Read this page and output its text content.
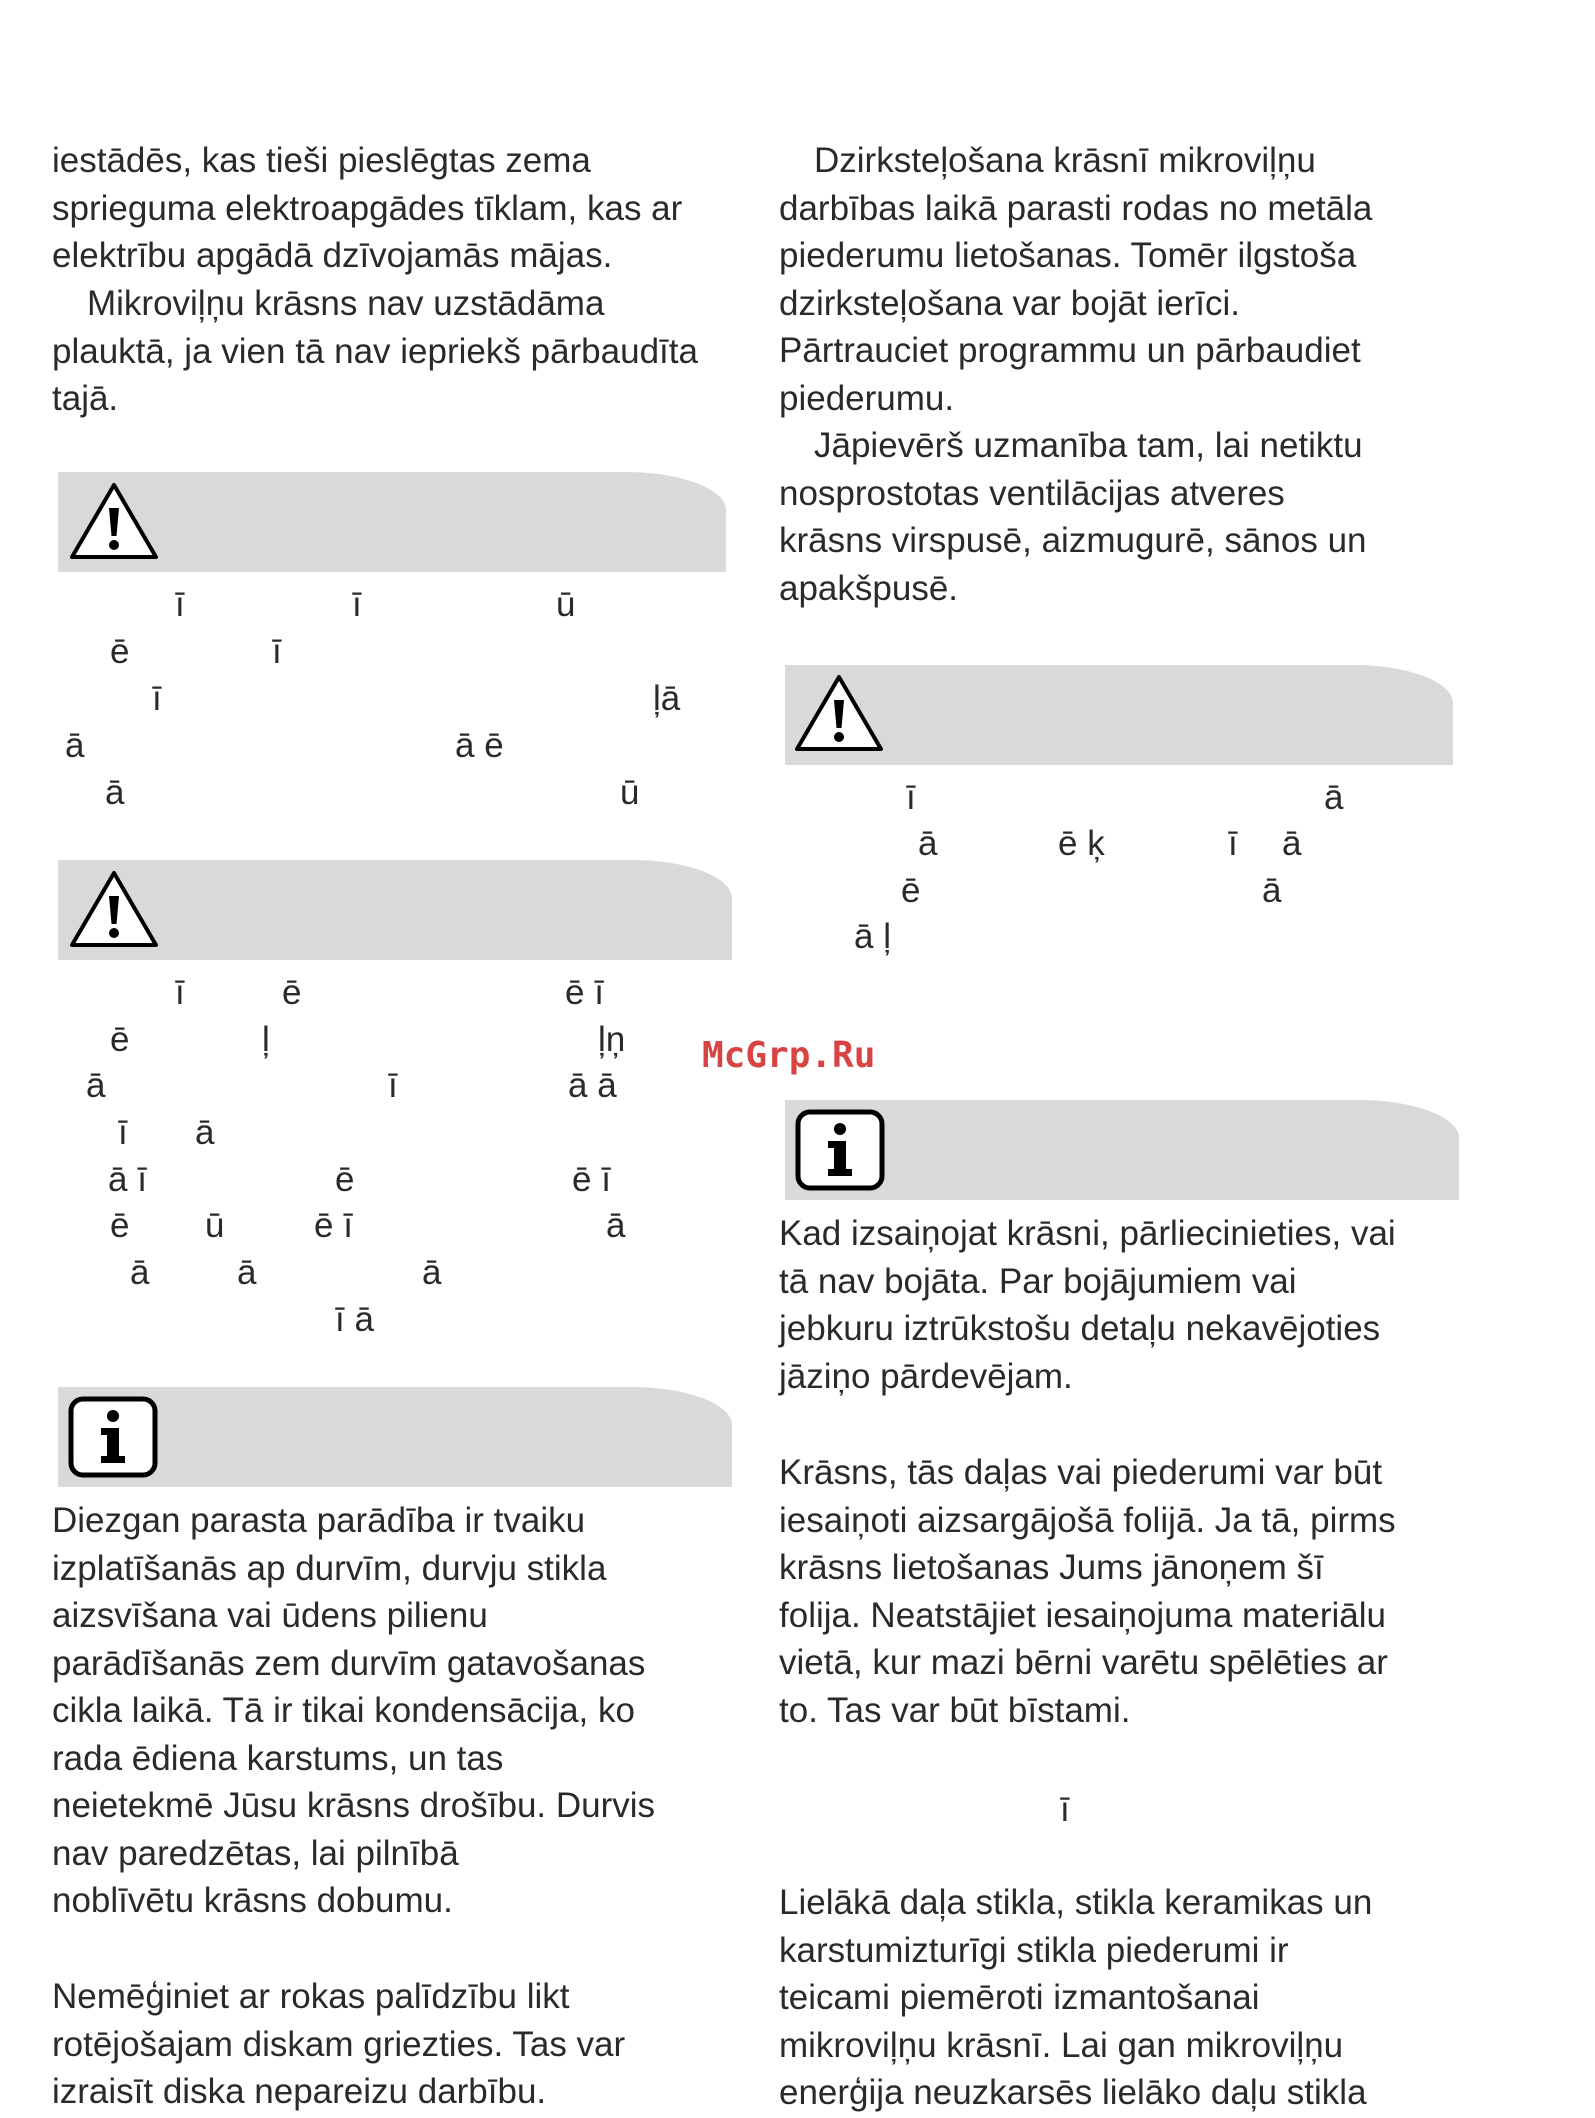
iestādēs, kas tieši pieslēgtas zema
sprieguma elektroapgādes tīklam, kas ar
elektrību apgādā dzīvojamās mājas.
Mikroviļņu krāsns nav uzstādāma
plauktā, ja vien tā nav iepriekš pārbaudīta
tajā.
ī	ī	ū
ē	ī
ī	ļā
ā	ā ē
ā	ū
ī	ē	ē ī
ē	ļ	ļņ
ā	ī	ā ā
ī ā
ā ī	ē	ē ī
ē ū	ē ī	ā
ā	ā	ā
ī ā
Diezgan parasta parādība ir tvaiku
izplatīšanās ap durvīm, durvju stikla
aizsvīšana vai ūdens pilienu
parādīšanās zem durvīm gatavošanas
cikla laikā. Tā ir tikai kondensācija, ko
rada ēdiena karstums, un tas
neietekmē Jūsu krāsns drošību. Durvis
nav paredzētas, lai pilnībā
noblīvētu krāsns dobumu.
Nemēģiniet ar rokas palīdzību likt
rotējošajam diskam griezties. Tas var
izraisīt diska nepareizu darbību.
Dzirksteļošana krāsnī mikroviļņu
darbības laikā parasti rodas no metāla
piederumu lietošanas. Tomēr ilgstoša
dzirksteļošana var bojāt ierīci.
Pārtrauciet programmu un pārbaudiet
piederumu.
Jāpievērš uzmanība tam, lai netiktu
nosprostotas ventilācijas atveres
krāsns virspusē, aizmugurē, sānos un
apakšpusē.
ī	ā
ā	ē ķ	ī ā
ē	ā
ā ļ
McGrp.Ru
Kad izsaiņojat krāsni, pārliecinieties, vai
tā nav bojāta. Par bojājumiem vai
jebkuru iztrūkstošu detaļu nekavējoties
jāziņo pārdevējam.
Krāsns, tās daļas vai piederumi var būt
iesaiņoti aizsargājošā folijā. Ja tā, pirms
krāsns lietošanas Jums jānoņem šī
folija. Neatstājiet iesaiņojuma materiālu
vietā, kur mazi bērni varētu spēlēties ar
to. Tas var būt bīstami.
ī
Lielākā daļa stikla, stikla keramikas un
karstumizturīgi stikla piederumi ir
teicami piemēroti izmantošanai
mikroviļņu krāsnī. Lai gan mikroviļņu
enerģija neuzkarsēs lielāko daļu stikla
